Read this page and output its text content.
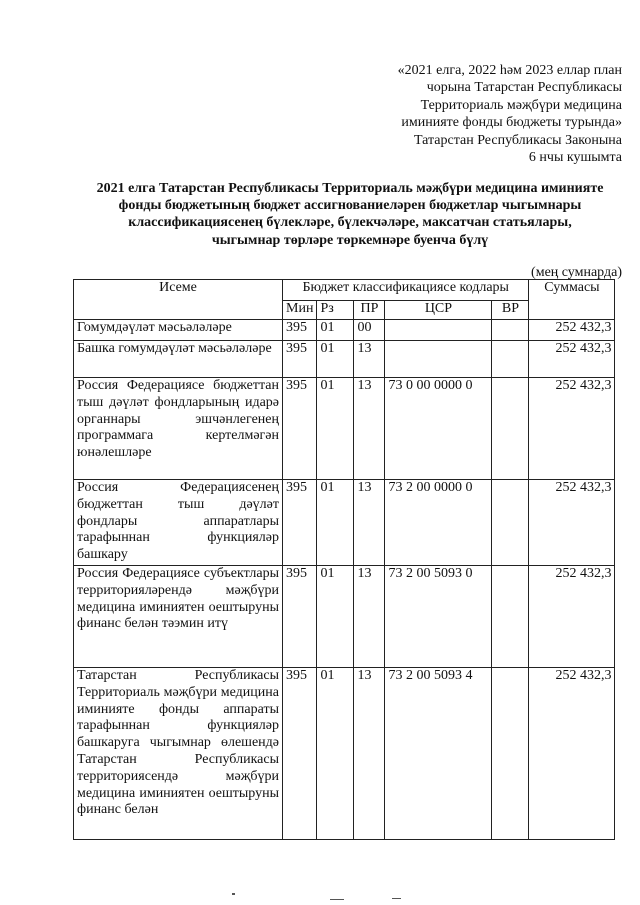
«2021 елга, 2022 һәм 2023 еллар план
чорына Татарстан Республикасы
Территориаль мәҗбүри медицина
иминияте фонды бюджеты турында»
Татарстан Республикасы Законына
6 нчы кушымта
2021 елга Татарстан Республикасы Территориаль мәҗбүри медицина иминияте
фонды бюджетының бюджет ассигнованиеләрен бюджетлар чыгымнары
классификациясенең бүлекләре, бүлекчәләре, максатчан статьялары,
чыгымнар төрләре төркемнәре буенча бүлү
(мең сумнарда)
Исеме	Бюджет классификациясе кодлары					Суммасы
	Мин	Рз	ПР	ЦСР	ВР	
Гомумдәүләт мәсьәләләре	395	01	00			252 432,3
Башка гомумдәүләт мәсьәләләре	395	01	13			252 432,3
Россия Федерациясе бюджеттан тыш дәүләт фондларының идарә органнары эшчәнлегенең программага кертелмәгән юнәлешләре	395	01	13	73 0 00 0000 0		252 432,3
Россия Федерациясенең бюджеттан тыш дәүләт фондлары аппаратлары тарафыннан функцияләр башкару	395	01	13	73 2 00 0000 0		252 432,3
Россия Федерациясе субъектлары территорияләрендә мәҗбүри медицина иминиятен оештыруны финанс белән тәэмин итү	395	01	13	73 2 00 5093 0		252 432,3
Татарстан Республикасы Территориаль мәҗбүри медицина иминияте фонды аппараты тарафыннан функцияләр башкаруга чыгымнар өлешендә Татарстан Республикасы территориясендә мәҗбүри медицина иминиятен оештыруны финанс белән	395	01	13	73 2 00 5093 4		252 432,3
